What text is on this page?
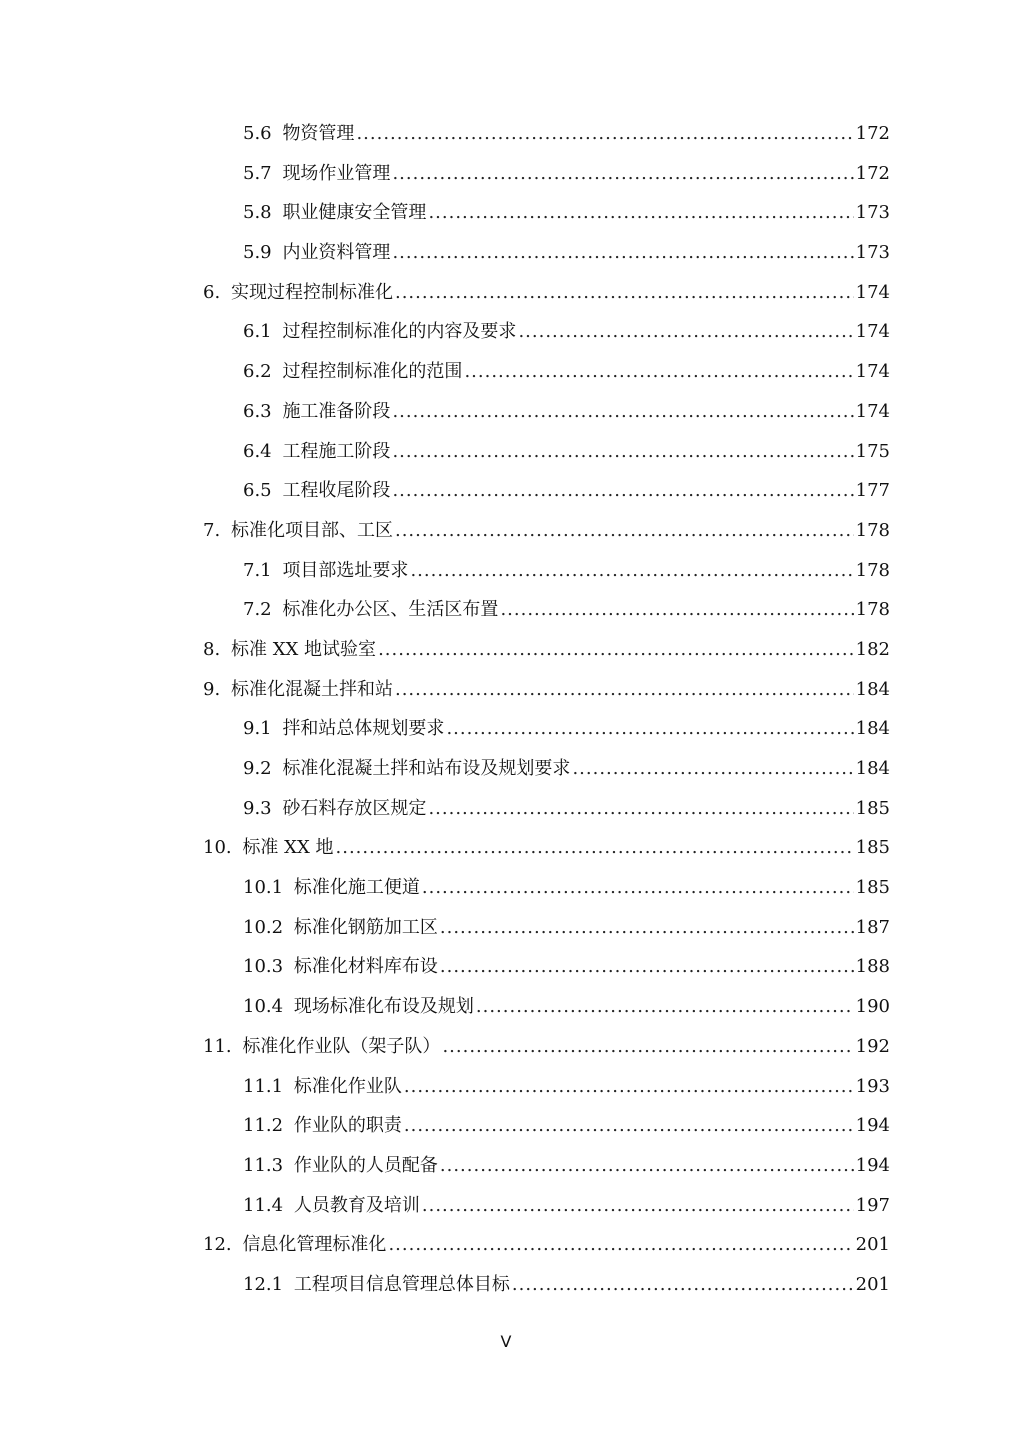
5.6 物资管理 .....	172
5.7 现场作业管理 .....	172
5.8 职业健康安全管理 .....	173
5.9 内业资料管理 .....	173
6. 实现过程控制标准化 .....	174
6.1 过程控制标准化的内容及要求 .....	174
6.2 过程控制标准化的范围 .....	174
6.3 施工准备阶段 .....	174
6.4 工程施工阶段 .....	175
6.5 工程收尾阶段 .....	177
7. 标准化项目部、工区 .....	178
7.1 项目部选址要求 .....	178
7.2 标准化办公区、生活区布置 .....	178
8. 标准 XX 地试验室 .....	182
9. 标准化混凝土拌和站 .....	184
9.1 拌和站总体规划要求 .....	184
9.2 标准化混凝土拌和站布设及规划要求 .....	184
9.3 砂石料存放区规定 .....	185
10. 标准 XX 地 .....	185
10.1 标准化施工便道 .....	185
10.2 标准化钢筋加工区 .....	187
10.3 标准化材料库布设 .....	188
10.4 现场标准化布设及规划 .....	190
11. 标准化作业队（架子队） .....	192
11.1 标准化作业队 .....	193
11.2 作业队的职责 .....	194
11.3 作业队的人员配备 .....	194
11.4 人员教育及培训 .....	197
12. 信息化管理标准化 .....	201
12.1 工程项目信息管理总体目标 .....	201
V
